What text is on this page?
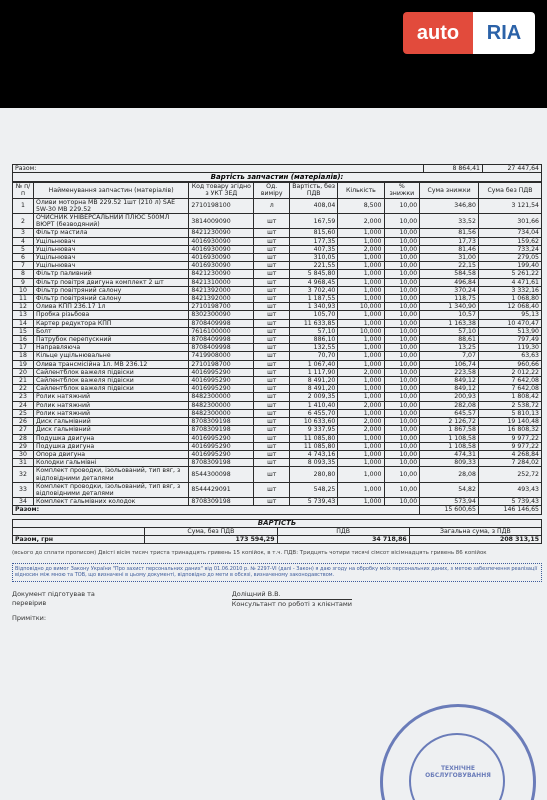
auto	RIA
Разом:	8 864,41	27 447,64
Вартість запчастин (матеріалів):
№ п/п	Найменування запчастин (матеріалів)	Код товару згідно з УКТ ЗЕД	Од. виміру	Вартість, без ПДВ	Кількість	% знижки	Сума знижки	Сума без ПДВ
1	Оливи моторна MB 229.52 1шт (210 л) SAE 5W-30 MB 229.52	2710198100	л	408,04	8,500	10,00	346,80	3 121,54
2	ОЧИСНИК УНІВЕРСАЛЬНИЙ ПЛЮС 500МЛ ВЮРТ (безводяний)	3814009090	шт	167,59	2,000	10,00	33,52	301,66
3	Фільтр мастила	8421230090	шт	815,60	1,000	10,00	81,56	734,04
4	Ущільнювач	4016930090	шт	177,35	1,000	10,00	17,73	159,62
5	Ущільнювач	4016930090	шт	407,35	2,000	10,00	81,46	733,24
6	Ущільнювач	4016930090	шт	310,05	1,000	10,00	31,00	279,05
7	Ущільнювач	4016930090	шт	221,55	1,000	10,00	22,15	199,40
8	Фільтр паливний	8421230090	шт	5 845,80	1,000	10,00	584,58	5 261,22
9	Фільтр повітря двигуна комплект 2 шт	8421310000	шт	4 968,45	1,000	10,00	496,84	4 471,61
10	Фільтр повітряний салону	8421392000	шт	3 702,40	1,000	10,00	370,24	3 332,16
11	Фільтр повітряний салону	8421392000	шт	1 187,55	1,000	10,00	118,75	1 068,80
12	Олива КПП 236.17 1л	2710198700	шт	1 340,93	10,000	10,00	1 340,90	12 068,40
13	Пробка різьбова	8302300090	шт	105,70	1,000	10,00	10,57	95,13
14	Картер редуктора КПП	8708409998	шт	11 633,85	1,000	10,00	1 163,38	10 470,47
15	Болт	7616100000	шт	57,10	10,000	10,00	57,10	513,90
16	Патрубок перепускний	8708409998	шт	886,10	1,000	10,00	88,61	797,49
17	Направляюча	8708409998	шт	132,55	1,000	10,00	13,25	119,30
18	Кільце ущільнювальне	7419908000	шт	70,70	1,000	10,00	7,07	63,63
19	Олива трансмісійна 1л. MB 236.12	2710198700	шт	1 067,40	1,000	10,00	106,74	960,66
20	Сайлентблок важеля підвіски	4016995290	шт	1 117,90	2,000	10,00	223,58	2 012,22
21	Сайлентблок важеля підвіски	4016995290	шт	8 491,20	1,000	10,00	849,12	7 642,08
22	Сайлентблок важеля підвіски	4016995290	шт	8 491,20	1,000	10,00	849,12	7 642,08
23	Ролик натяжний	8482300000	шт	2 009,35	1,000	10,00	200,93	1 808,42
24	Ролик натяжний	8482300000	шт	1 410,40	2,000	10,00	282,08	2 538,72
25	Ролик натяжний	8482300000	шт	6 455,70	1,000	10,00	645,57	5 810,13
26	Диск гальмівний	8708309198	шт	10 633,60	2,000	10,00	2 126,72	19 140,48
27	Диск гальмівний	8708309198	шт	9 337,95	2,000	10,00	1 867,58	16 808,32
28	Подушка двигуна	4016995290	шт	11 085,80	1,000	10,00	1 108,58	9 977,22
29	Подушка двигуна	4016995290	шт	11 085,80	1,000	10,00	1 108,58	9 977,22
30	Опора двигуна	4016995290	шт	4 743,16	1,000	10,00	474,31	4 268,84
31	Колодки гальмівні	8708309198	шт	8 093,35	1,000	10,00	809,33	7 284,02
32	Комплект проводки, ізольований, тип вяг, з відповідними деталями	8544300098	шт	280,80	1,000	10,00	28,08	252,72
33	Комплект проводки, ізольований, тип вяг, з відповідними деталями	8544429091	шт	548,25	1,000	10,00	54,82	493,43
34	Комплект гальмівних колодок	8708309198	шт	5 739,43	1,000	10,00	573,94	5 739,43
Разом:							15 600,65	146 146,65
ВАРТІСТЬ			
	Сума, без ПДВ	ПДВ	Загальна сума, з ПДВ
Разом, грн	173 594,29	34 718,86	208 313,15
(всього до сплати прописом) Двісті вісім тисяч триста тринадцять гривень 15 копійок, в т.ч. ПДВ: Тридцять чотири тисячі сімсот вісімнадцять гривень 86 копійок
Відповідно до вимог Закону України "Про захист персональних даних" від 01.06.2010 р. № 2297-VI (далі - Закон) я даю згоду на обробку моїх персональних даних, з метою забезпечення реалізації відносин між мною та ТОВ, що визначені в цьому документі, відповідно до мети в обсязі, визначеному законодавством.
Документ підготував та
перевірив
Примітки:
Доліщний В.В.
Консультант по роботі з клієнтами
ТЕХНІЧНЕ ОБСЛУГОВУВАННЯ
